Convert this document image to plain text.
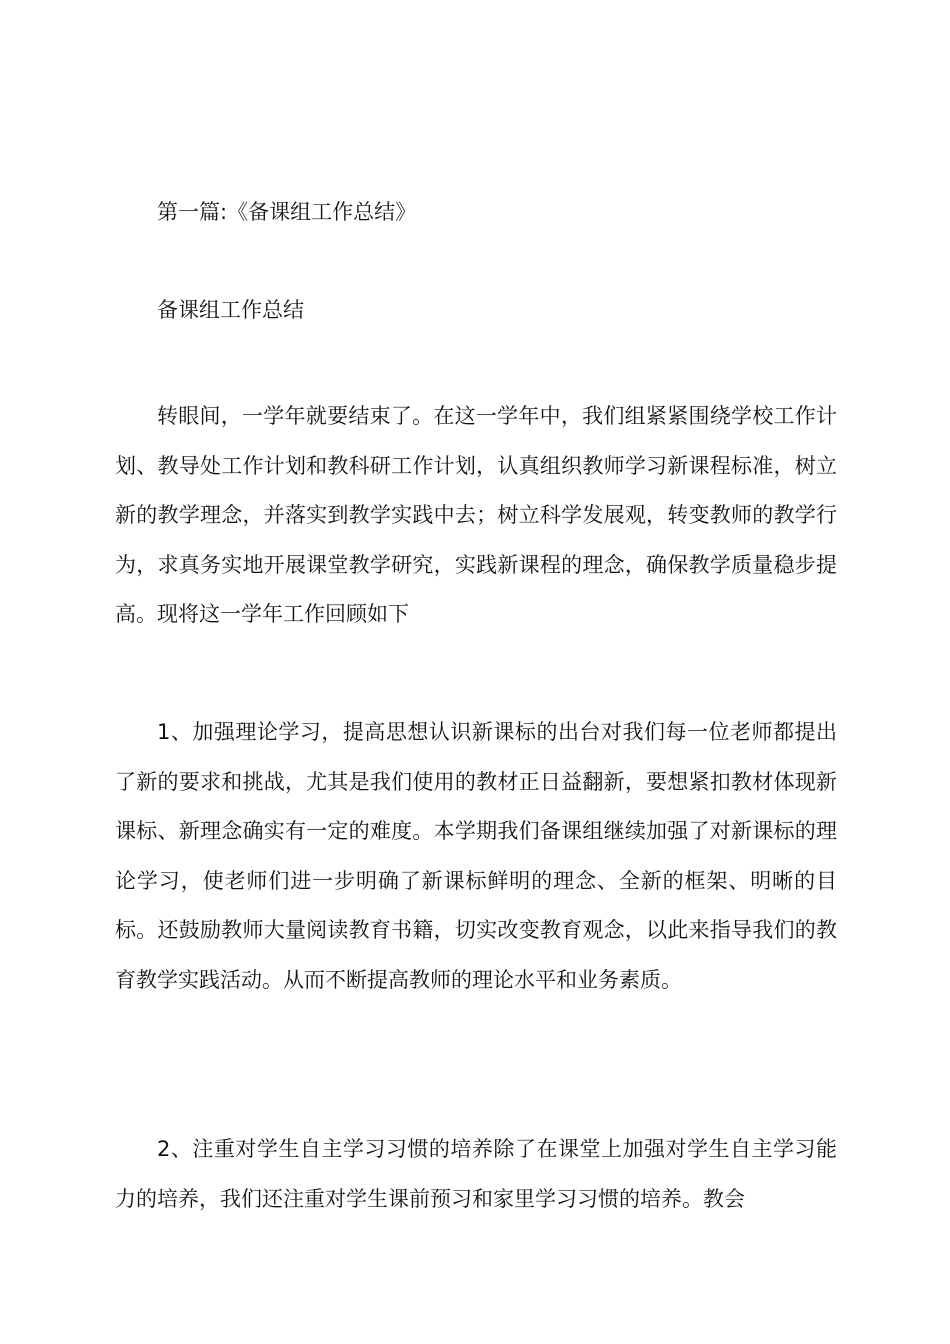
第一篇:《备课组工作总结》
备课组工作总结

转眼间，一学年就要结束了。在这一学年中，我们组紧紧围绕学校工作计划、教导处工作计划和教科研工作计划，认真组织教师学习新课程标准，树立新的教学理念，并落实到教学实践中去；树立科学发展观，转变教师的教学行为，求真务实地开展课堂教学研究，实践新课程的理念，确保教学质量稳步提高。现将这一学年工作回顾如下

1、加强理论学习，提高思想认识新课标的出台对我们每一位老师都提出了新的要求和挑战，尤其是我们使用的教材正日益翻新，要想紧扣教材体现新课标、新理念确实有一定的难度。本学期我们备课组继续加强了对新课标的理论学习，使老师们进一步明确了新课标鲜明的理念、全新的框架、明晰的目标。还鼓励教师大量阅读教育书籍，切实改变教育观念，以此来指导我们的教育教学实践活动。从而不断提高教师的理论水平和业务素质。

2、注重对学生自主学习习惯的培养除了在课堂上加强对学生自主学习能力的培养，我们还注重对学生课前预习和家里学习习惯的培养。教会
